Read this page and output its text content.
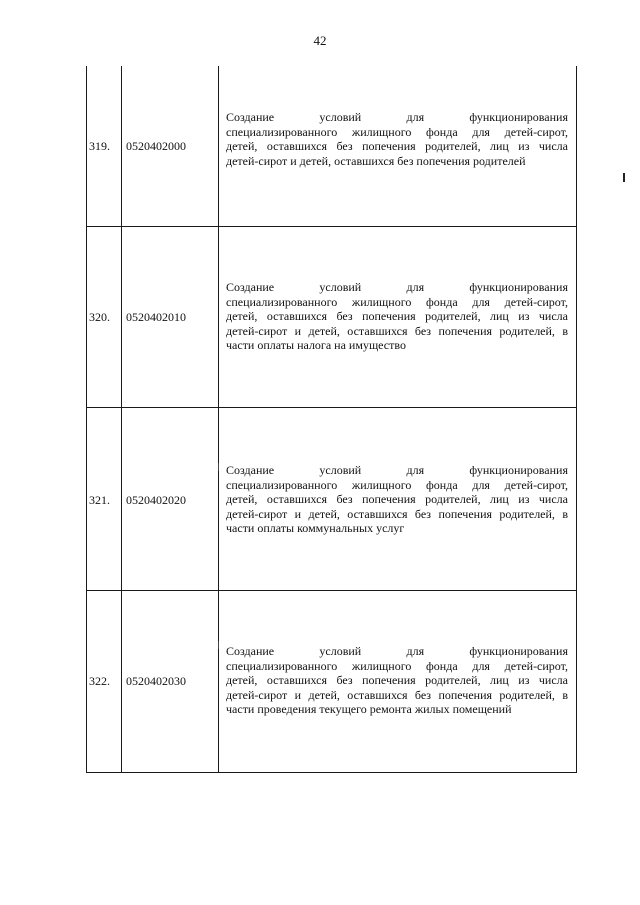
42
319.	0520402000
Создание условий для функционирования
специализированного жилищного фонда для детей-сирот,
детей, оставшихся без попечения родителей, лиц из числа
детей-сирот и детей, оставшихся без попечения родителей
320.	0520402010
Создание условий для функционирования
специализированного жилищного фонда для детей-сирот,
детей, оставшихся без попечения родителей, лиц из числа
детей-сирот и детей, оставшихся без попечения родителей, в
части оплаты налога на имущество
321.	0520402020
Создание условий для функционирования
специализированного жилищного фонда для детей-сирот,
детей, оставшихся без попечения родителей, лиц из числа
детей-сирот и детей, оставшихся без попечения родителей, в
части оплаты коммунальных услуг
322.	0520402030
Создание условий для функционирования
специализированного жилищного фонда для детей-сирот,
детей, оставшихся без попечения родителей, лиц из числа
детей-сирот и детей, оставшихся без попечения родителей, в
части проведения текущего ремонта жилых помещений
